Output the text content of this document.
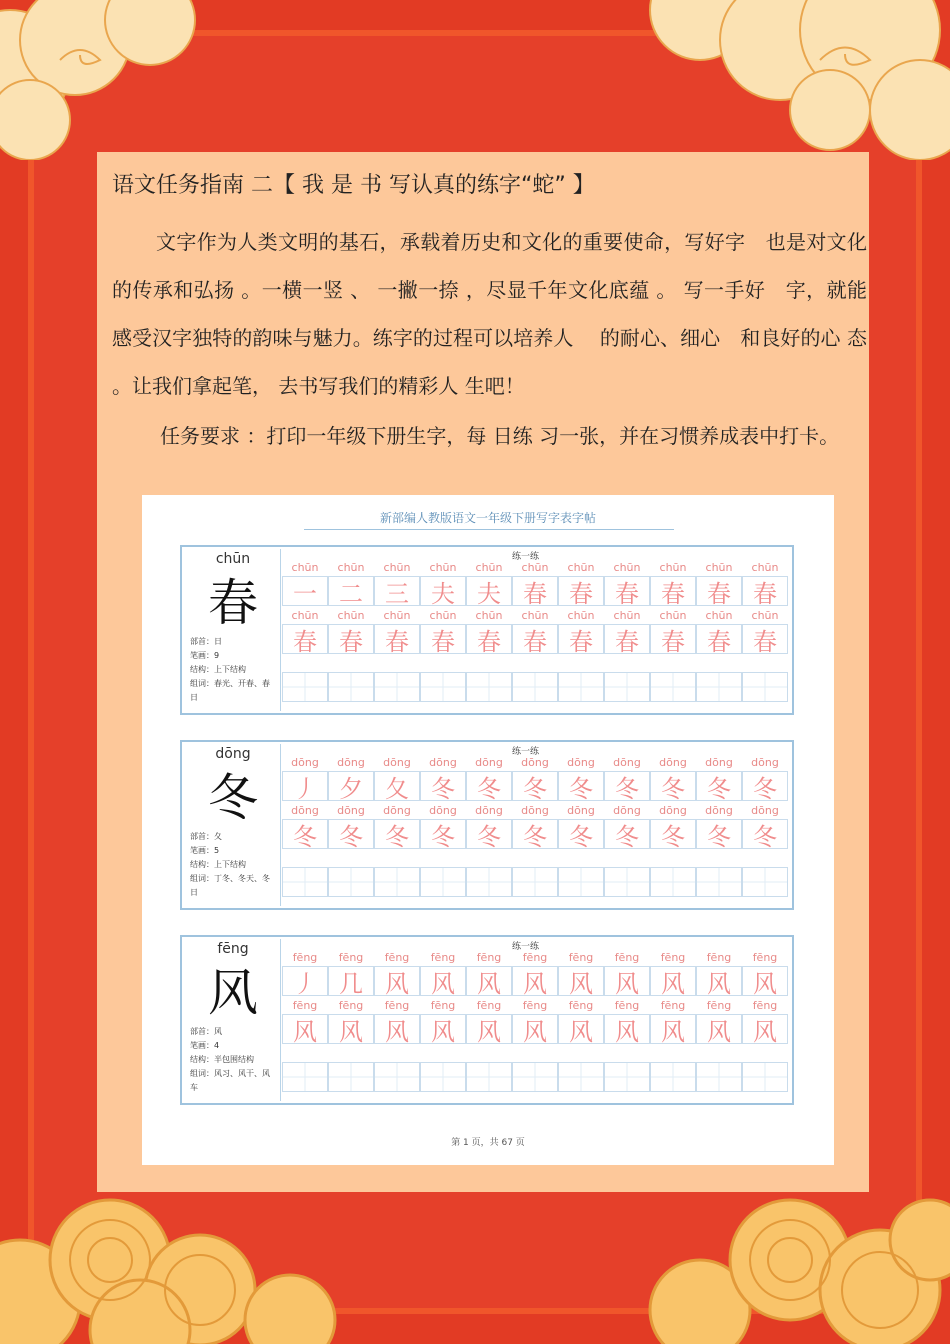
语文任务指南 二【 我 是 书 写认真的练字“蛇” 】
文字作为人类文明的基石，承载着历史和文化的重要使命，写好字　也是对文化的传承和弘扬 。一横一竖 、 一撇一捺 ，尽显千年文化底蕴 。 写一手好　字，就能感受汉字独特的韵味与魅力。练字的过程可以培养人　 的耐心、细心　和良好的心 态 。让我们拿起笔， 去书写我们的精彩人 生吧！
任务要求 ：打印一年级下册生字，每 日练 习一张，并在习惯养成表中打卡。
新部编人教版语文一年级下册写字表字帖
chūn
春
部首：日
笔画：9
结构：上下结构
组词：春光、开春、春日
练一练
chūn	chūn	chūn	chūn	chūn	chūn	chūn	chūn	chūn	chūn	chūn
一 二 三 夫 夫 春 春 春 春 春 春
chūn	chūn	chūn	chūn	chūn	chūn	chūn	chūn	chūn	chūn	chūn
春 春 春 春 春 春 春 春 春 春 春
dōng
冬
部首：夂
笔画：5
结构：上下结构
组词：丁冬、冬天、冬日
练一练
dōng	dōng	dōng	dōng	dōng	dōng	dōng	dōng	dōng	dōng	dōng
丿 夕 夂 冬 冬 冬 冬 冬 冬 冬 冬
dōng	dōng	dōng	dōng	dōng	dōng	dōng	dōng	dōng	dōng	dōng
冬 冬 冬 冬 冬 冬 冬 冬 冬 冬 冬
fēng
风
部首：风
笔画：4
结构：半包围结构
组词：风习、风干、风车
练一练
fēng	fēng	fēng	fēng	fēng	fēng	fēng	fēng	fēng	fēng	fēng
丿 几 风 风 风 风 风 风 风 风 风
fēng	fēng	fēng	fēng	fēng	fēng	fēng	fēng	fēng	fēng	fēng
风 风 风 风 风 风 风 风 风 风 风
第 1 页，共 67 页
